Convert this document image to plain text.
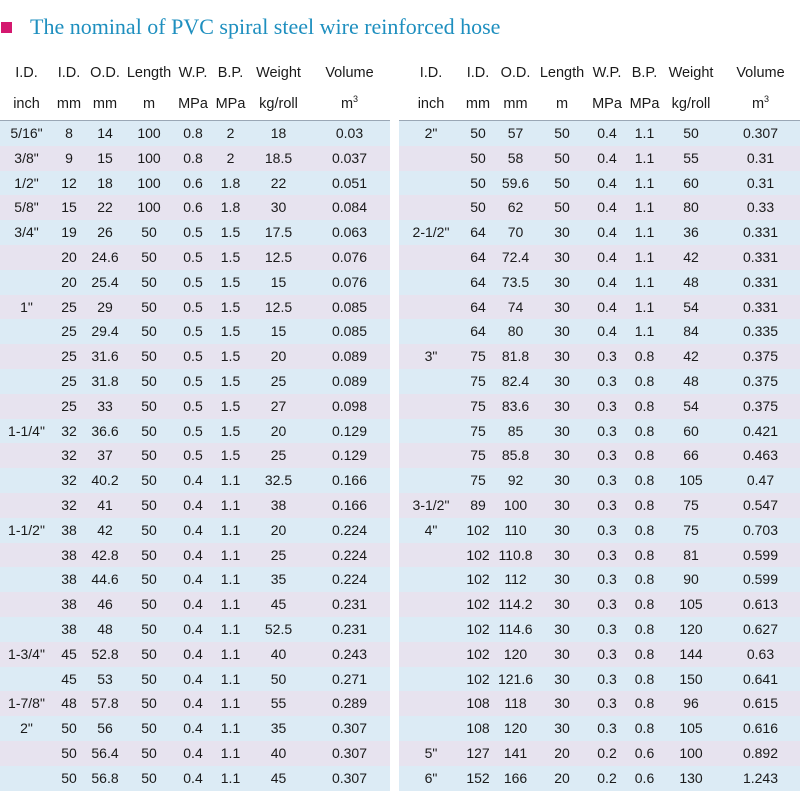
The nominal of PVC spiral steel wire reinforced hose
I.D.	I.D.	O.D.	Length	W.P.	B.P.	Weight	Volume
inch	mm	mm	m	MPa	MPa	kg/roll	$m^3$
5/16"	8	14	100	0.8	2	18	0.03
3/8"	9	15	100	0.8	2	18.5	0.037
1/2"	12	18	100	0.6	1.8	22	0.051
5/8"	15	22	100	0.6	1.8	30	0.084
3/4"	19	26	50	0.5	1.5	17.5	0.063
	20	24.6	50	0.5	1.5	12.5	0.076
	20	25.4	50	0.5	1.5	15	0.076
1"	25	29	50	0.5	1.5	12.5	0.085
	25	29.4	50	0.5	1.5	15	0.085
	25	31.6	50	0.5	1.5	20	0.089
	25	31.8	50	0.5	1.5	25	0.089
	25	33	50	0.5	1.5	27	0.098
1-1/4"	32	36.6	50	0.5	1.5	20	0.129
	32	37	50	0.5	1.5	25	0.129
	32	40.2	50	0.4	1.1	32.5	0.166
	32	41	50	0.4	1.1	38	0.166
1-1/2"	38	42	50	0.4	1.1	20	0.224
	38	42.8	50	0.4	1.1	25	0.224
	38	44.6	50	0.4	1.1	35	0.224
	38	46	50	0.4	1.1	45	0.231
	38	48	50	0.4	1.1	52.5	0.231
1-3/4"	45	52.8	50	0.4	1.1	40	0.243
	45	53	50	0.4	1.1	50	0.271
1-7/8"	48	57.8	50	0.4	1.1	55	0.289
2"	50	56	50	0.4	1.1	35	0.307
	50	56.4	50	0.4	1.1	40	0.307
	50	56.8	50	0.4	1.1	45	0.307
I.D.	I.D.	O.D.	Length	W.P.	B.P.	Weight	Volume
inch	mm	mm	m	MPa	MPa	kg/roll	$m^3$
2"	50	57	50	0.4	1.1	50	0.307
	50	58	50	0.4	1.1	55	0.31
	50	59.6	50	0.4	1.1	60	0.31
	50	62	50	0.4	1.1	80	0.33
2-1/2"	64	70	30	0.4	1.1	36	0.331
	64	72.4	30	0.4	1.1	42	0.331
	64	73.5	30	0.4	1.1	48	0.331
	64	74	30	0.4	1.1	54	0.331
	64	80	30	0.4	1.1	84	0.335
3"	75	81.8	30	0.3	0.8	42	0.375
	75	82.4	30	0.3	0.8	48	0.375
	75	83.6	30	0.3	0.8	54	0.375
	75	85	30	0.3	0.8	60	0.421
	75	85.8	30	0.3	0.8	66	0.463
	75	92	30	0.3	0.8	105	0.47
3-1/2"	89	100	30	0.3	0.8	75	0.547
4"	102	110	30	0.3	0.8	75	0.703
	102	110.8	30	0.3	0.8	81	0.599
	102	112	30	0.3	0.8	90	0.599
	102	114.2	30	0.3	0.8	105	0.613
	102	114.6	30	0.3	0.8	120	0.627
	102	120	30	0.3	0.8	144	0.63
	102	121.6	30	0.3	0.8	150	0.641
	108	118	30	0.3	0.8	96	0.615
	108	120	30	0.3	0.8	105	0.616
5"	127	141	20	0.2	0.6	100	0.892
6"	152	166	20	0.2	0.6	130	1.243
